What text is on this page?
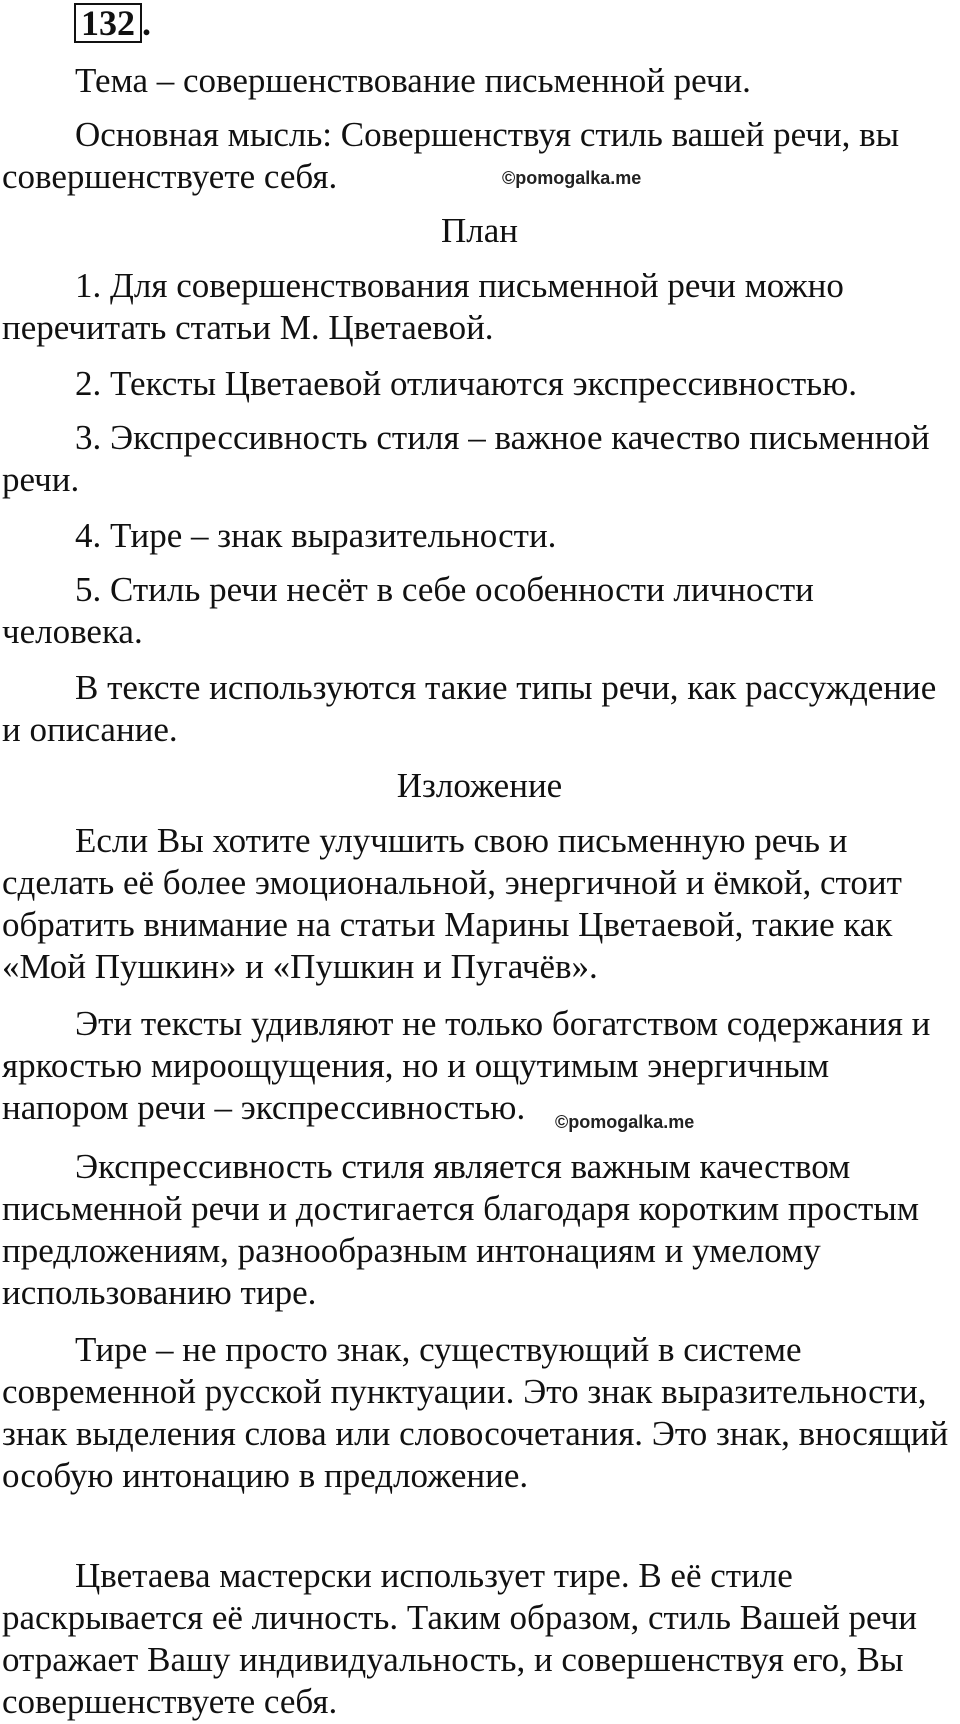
132 .

Тема – совершенствование письменной речи.

Основная мысль: Совершенствуя стиль вашей речи, вы совершенствуете себя.	©pomogalka.me

План

1. Для совершенствования письменной речи можно перечитать статьи М. Цветаевой.

2. Тексты Цветаевой отличаются экспрессивностью.

3. Экспрессивность стиля – важное качество письменной речи.

4. Тире – знак выразительности.

5. Стиль речи несёт в себе особенности личности человека.

В тексте используются такие типы речи, как рассуждение и описание.

Изложение

Если Вы хотите улучшить свою письменную речь и сделать её более эмоциональной, энергичной и ёмкой, стоит обратить внимание на статьи Марины Цветаевой, такие как «Мой Пушкин» и «Пушкин и Пугачёв».

Эти тексты удивляют не только богатством содержания и яркостью мироощущения, но и ощутимым энергичным напором речи – экспрессивностью.	©pomogalka.me

Экспрессивность стиля является важным качеством письменной речи и достигается благодаря коротким простым предложениям, разнообразным интонациям и умелому использованию тире.

Тире – не просто знак, существующий в системе современной русской пунктуации. Это знак выразительности, знак выделения слова или словосочетания. Это знак, вносящий особую интонацию в предложение.

Цветаева мастерски использует тире. В её стиле раскрывается её личность. Таким образом, стиль Вашей речи отражает Вашу индивидуальность, и совершенствуя его, Вы совершенствуете себя.
